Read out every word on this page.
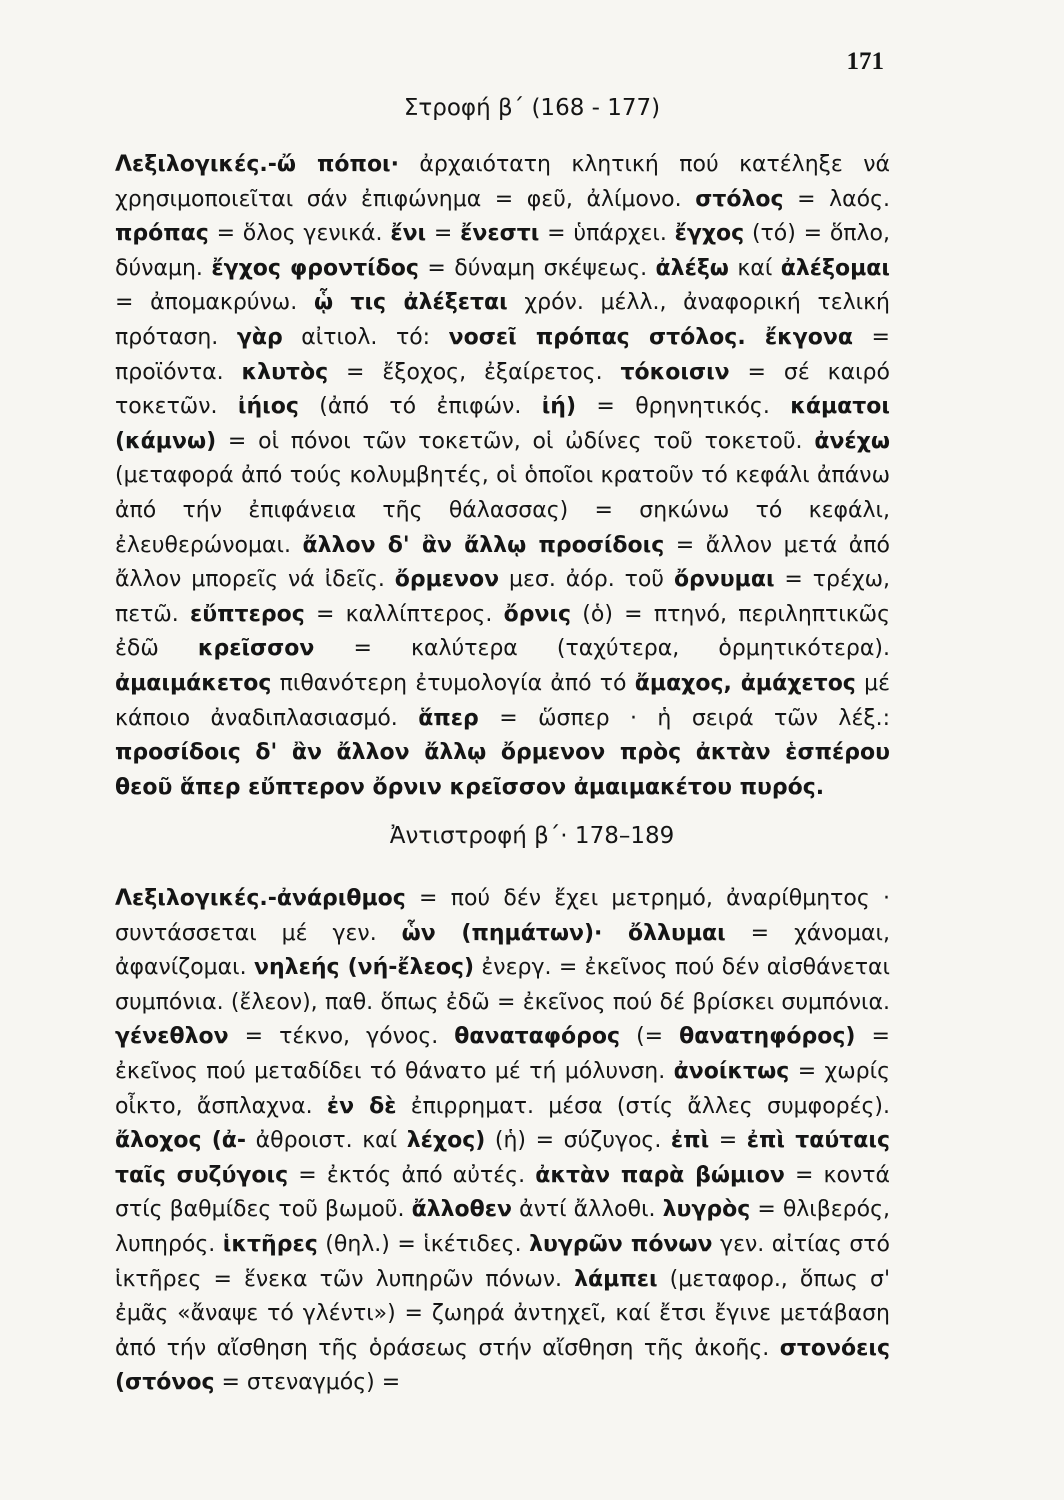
171
Στροφή β΄ (168 - 177)
Λεξιλογικές.-ὤ πόποι· ἀρχαιότατη κλητική πού κατέληξε νά χρησιμοποιεῖται σάν ἐπιφώνημα = φεῦ, ἀλίμονο. στόλος = λαός. πρόπας = ὅλος γενικά. ἔνι = ἔνεστι = ὑπάρχει. ἔγχος (τό) = ὅπλο, δύναμη. ἔγχος φροντίδος = δύναμη σκέψεως. ἀλέξω καί ἀλέξομαι = ἀπομακρύνω. ᾧ τις ἀλέξεται χρόν. μέλλ., ἀναφορική τελική πρόταση. γὰρ αἰτιολ. τό: νοσεῖ πρόπας στόλος. ἔκγονα = προϊόντα. κλυτὸς = ἔξοχος, ἐξαίρετος. τόκοισιν = σέ καιρό τοκετῶν. ἰήιος (ἀπό τό ἐπιφών. ἰή) = θρηνητικός. κάματοι (κάμνω) = οἱ πόνοι τῶν τοκετῶν, οἱ ὠδίνες τοῦ τοκετοῦ. ἀνέχω (μεταφορά ἀπό τούς κολυμβητές, οἱ ὁποῖοι κρατοῦν τό κεφάλι ἀπάνω ἀπό τήν ἐπιφάνεια τῆς θάλασσας) = σηκώνω τό κεφάλι, ἐλευθερώνομαι. ἄλλον δ' ἂν ἄλλῳ προσίδοις = ἄλλον μετά ἀπό ἄλλον μπορεῖς νά ἰδεῖς. ὄρμενον μεσ. ἀόρ. τοῦ ὄρνυμαι = τρέχω, πετῶ. εὔπτερος = καλλίπτερος. ὄρνις (ὁ) = πτηνό, περιληπτικῶς ἐδῶ κρεῖσσον = καλύτερα (ταχύτερα, ὁρμητικότερα). ἀμαιμάκετος πιθανότερη ἐτυμολογία ἀπό τό ἄμαχος, ἀμάχετος μέ κάποιο ἀναδιπλασιασμό. ἅπερ = ὥσπερ · ἡ σειρά τῶν λέξ.: προσίδοις δ' ἂν ἄλλον ἄλλῳ ὄρμενον πρὸς ἀκτὰν ἑσπέρου θεοῦ ἅπερ εὔπτερον ὄρνιν κρεῖσσον ἀμαιμακέτου πυρός.
Ἀντιστροφή β΄· 178–189
Λεξιλογικές.-ἀνάριθμος = πού δέν ἔχει μετρημό, ἀναρίθμητος · συντάσσεται μέ γεν. ὧν (πημάτων)· ὄλλυμαι = χάνομαι, ἀφανίζομαι. νηλεής (νή-ἔλεος) ἐνεργ. = ἐκεῖνος πού δέν αἰσθάνεται συμπόνια. (ἔλεον), παθ. ὅπως ἐδῶ = ἐκεῖνος πού δέ βρίσκει συμπόνια. γένεθλον = τέκνο, γόνος. θαναταφόρος (= θανατηφόρος) = ἐκεῖνος πού μεταδίδει τό θάνατο μέ τή μόλυνση. ἀνοίκτως = χωρίς οἶκτο, ἄσπλαχνα. ἐν δὲ ἐπιρρηματ. μέσα (στίς ἄλλες συμφορές). ἄλοχος (ἀ- ἀθροιστ. καί λέχος) (ἡ) = σύζυγος. ἐπὶ = ἐπὶ ταύταις ταῖς συζύγοις = ἐκτός ἀπό αὐτές. ἀκτὰν παρὰ βώμιον = κοντά στίς βαθμίδες τοῦ βωμοῦ. ἄλλοθεν ἀντί ἄλλοθι. λυγρὸς = θλιβερός, λυπηρός. ἱκτῆρες (θηλ.) = ἱκέτιδες. λυγρῶν πόνων γεν. αἰτίας στό ἱκτῆρες = ἕνεκα τῶν λυπηρῶν πόνων. λάμπει (μεταφορ., ὅπως σ' ἐμᾶς «ἄναψε τό γλέντι») = ζωηρά ἀντηχεῖ, καί ἔτσι ἔγινε μετάβαση ἀπό τήν αἴσθηση τῆς ὁράσεως στήν αἴσθηση τῆς ἀκοῆς. στονόεις (στόνος = στεναγμός) =
